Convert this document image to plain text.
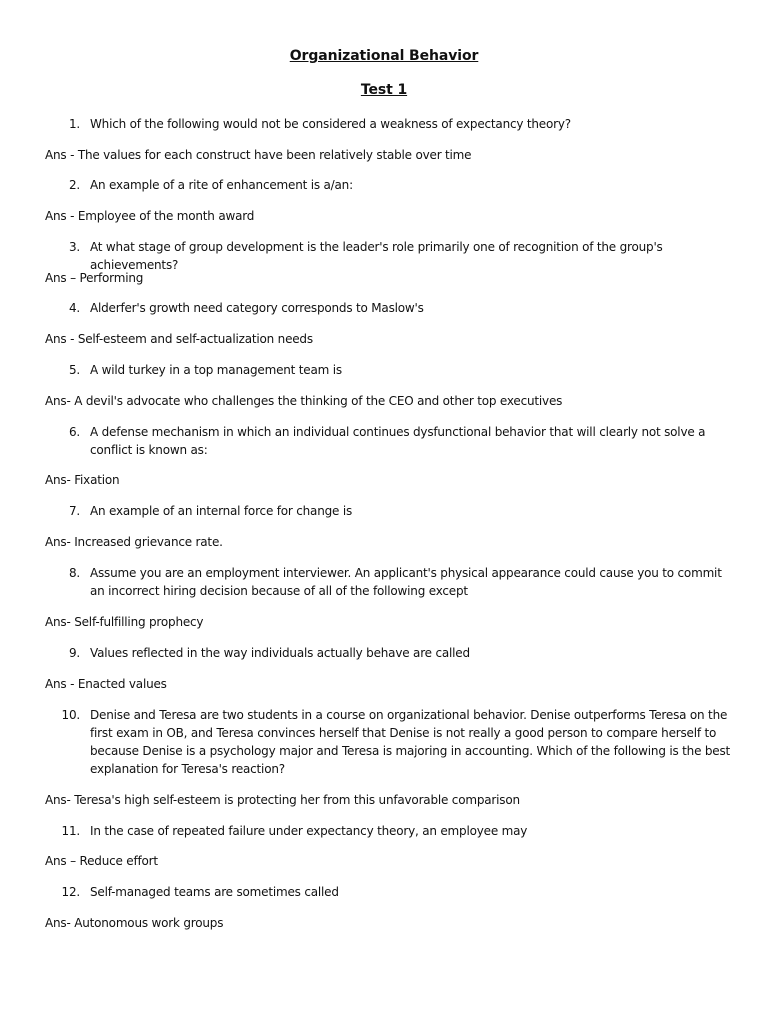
Organizational Behavior
Test 1
1. Which of the following would not be considered a weakness of expectancy theory?
Ans - The values for each construct have been relatively stable over time
2. An example of a rite of enhancement is a/an:
Ans - Employee of the month award
3. At what stage of group development is the leader's role primarily one of recognition of the group's achievements?
Ans – Performing
4. Alderfer's growth need category corresponds to Maslow's
Ans - Self-esteem and self-actualization needs
5. A wild turkey in a top management team is
Ans- A devil's advocate who challenges the thinking of the CEO and other top executives
6. A defense mechanism in which an individual continues dysfunctional behavior that will clearly not solve a conflict is known as:
Ans- Fixation
7. An example of an internal force for change is
Ans- Increased grievance rate.
8. Assume you are an employment interviewer. An applicant's physical appearance could cause you to commit an incorrect hiring decision because of all of the following except
Ans- Self-fulfilling prophecy
9. Values reflected in the way individuals actually behave are called
Ans - Enacted values
10. Denise and Teresa are two students in a course on organizational behavior. Denise outperforms Teresa on the first exam in OB, and Teresa convinces herself that Denise is not really a good person to compare herself to because Denise is a psychology major and Teresa is majoring in accounting. Which of the following is the best explanation for Teresa's reaction?
Ans- Teresa's high self-esteem is protecting her from this unfavorable comparison
11. In the case of repeated failure under expectancy theory, an employee may
Ans – Reduce effort
12. Self-managed teams are sometimes called
Ans- Autonomous work groups
